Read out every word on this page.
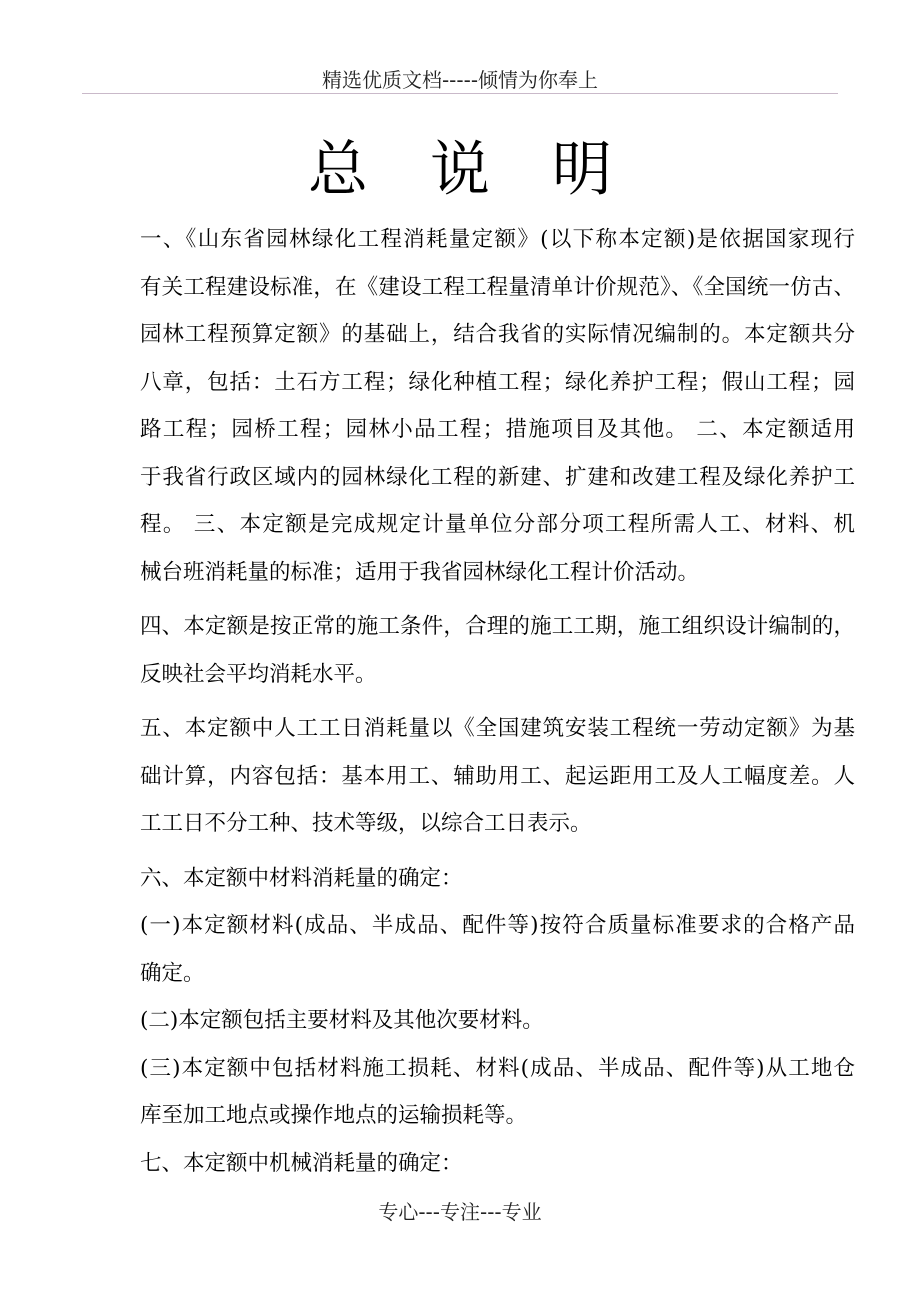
精选优质文档-----倾情为你奉上
总说明
一、《山东省园林绿化工程消耗量定额》(以下称本定额)是依据国家现行
有关工程建设标准，在《建设工程工程量清单计价规范》、《全国统一仿古、
园林工程预算定额》的基础上，结合我省的实际情况编制的。本定额共分
八章，包括：土石方工程；绿化种植工程；绿化养护工程；假山工程；园
路工程；园桥工程；园林小品工程；措施项目及其他。 二、本定额适用
于我省行政区域内的园林绿化工程的新建、扩建和改建工程及绿化养护工
程。 三、本定额是完成规定计量单位分部分项工程所需人工、材料、机
械台班消耗量的标准；适用于我省园林绿化工程计价活动。
四、本定额是按正常的施工条件，合理的施工工期，施工组织设计编制的，
反映社会平均消耗水平。
五、本定额中人工工日消耗量以《全国建筑安装工程统一劳动定额》为基
础计算，内容包括：基本用工、辅助用工、起运距用工及人工幅度差。人
工工日不分工种、技术等级，以综合工日表示。
六、本定额中材料消耗量的确定：
(一)本定额材料(成品、半成品、配件等)按符合质量标准要求的合格产品
确定。
(二)本定额包括主要材料及其他次要材料。
(三)本定额中包括材料施工损耗、材料(成品、半成品、配件等)从工地仓
库至加工地点或操作地点的运输损耗等。
七、本定额中机械消耗量的确定：
专心---专注---专业
